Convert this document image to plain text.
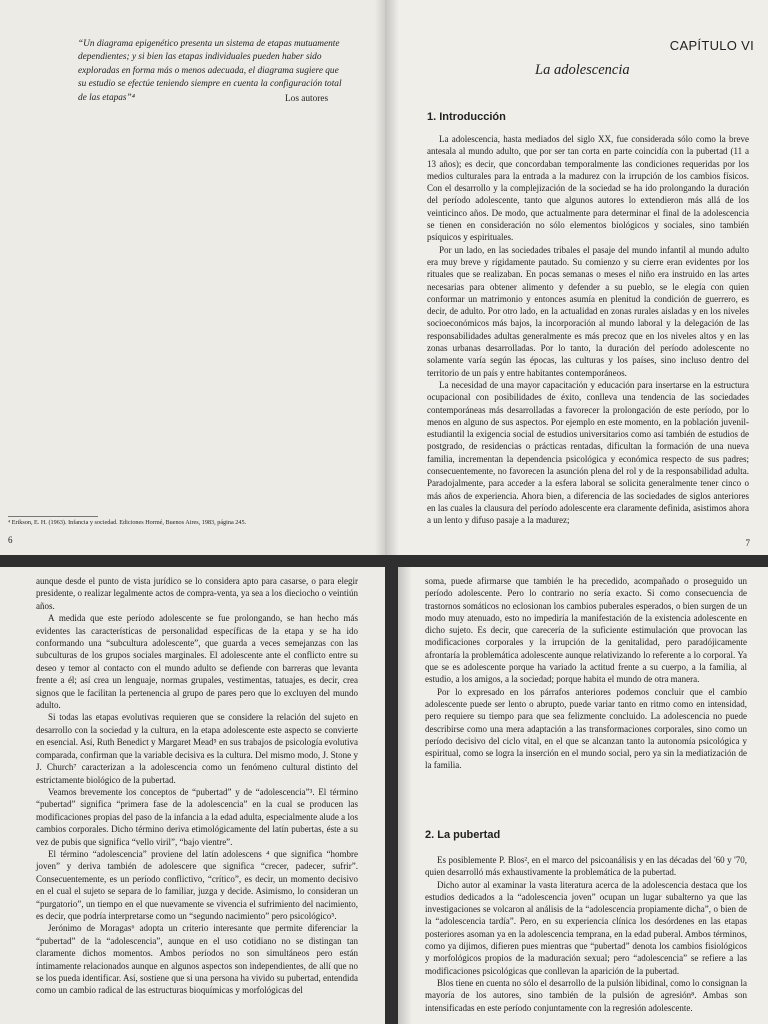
“Un diagrama epigenético presenta un sistema de etapas mutuamente dependientes; y si bien las etapas individuales pueden haber sido exploradas en forma más o menos adecuada, el diagrama sugiere que su estudio se efectúe teniendo siempre en cuenta la configuración total de las etapas”⁴	Los autores
⁴ Erikson, E. H. (1963). Infancia y sociedad. Ediciones Hormé, Buenos Aires, 1983, página 245.
6
CAPÍTULO VI
La adolescencia
1. Introducción

La adolescencia, hasta mediados del siglo XX, fue considerada sólo como la breve antesala al mundo adulto, que por ser tan corta en parte coincidía con la pubertad (11 a 13 años); es decir, que concordaban temporalmente las condiciones requeridas por los medios culturales para la entrada a la madurez con la irrupción de los cambios físicos. Con el desarrollo y la complejización de la sociedad se ha ido prolongando la duración del período adolescente, tanto que algunos autores lo extendieron más allá de los veinticinco años. De modo, que actualmente para determinar el final de la adolescencia se tienen en consideración no sólo elementos biológicos y sociales, sino también psíquicos y espirituales.

Por un lado, en las sociedades tribales el pasaje del mundo infantil al mundo adulto era muy breve y rígidamente pautado. Su comienzo y su cierre eran evidentes por los rituales que se realizaban. En pocas semanas o meses el niño era instruido en las artes necesarias para obtener alimento y defender a su pueblo, se le elegía con quien conformar un matrimonio y entonces asumía en plenitud la condición de guerrero, es decir, de adulto. Por otro lado, en la actualidad en zonas rurales aisladas y en los niveles socioeconómicos más bajos, la incorporación al mundo laboral y la delegación de las responsabilidades adultas generalmente es más precoz que en los niveles altos y en las zonas urbanas desarrolladas. Por lo tanto, la duración del período adolescente no solamente varía según las épocas, las culturas y los países, sino incluso dentro del territorio de un país y entre habitantes contemporáneos.

La necesidad de una mayor capacitación y educación para insertarse en la estructura ocupacional con posibilidades de éxito, conlleva una tendencia de las sociedades contemporáneas más desarrolladas a favorecer la prolongación de este período, por lo menos en alguno de sus aspectos. Por ejemplo en este momento, en la población juvenil-estudiantil la exigencia social de estudios universitarios como así también de estudios de postgrado, de residencias o prácticas rentadas, dificultan la formación de una nueva familia, incrementan la dependencia psicológica y económica respecto de sus padres; consecuentemente, no favorecen la asunción plena del rol y de la responsabilidad adulta. Paradojalmente, para acceder a la esfera laboral se solicita generalmente tener cinco o más años de experiencia. Ahora bien, a diferencia de las sociedades de siglos anteriores en las cuales la clausura del período adolescente era claramente definida, asistimos ahora a un lento y difuso pasaje a la madurez;

7

aunque desde el punto de vista jurídico se lo considera apto para casarse, o para elegir presidente, o realizar legalmente actos de compra-venta, ya sea a los dieciocho o veintiún años.

A medida que este período adolescente se fue prolongando, se han hecho más evidentes las características de personalidad específicas de la etapa y se ha ido conformando una “subcultura adolescente”, que guarda a veces semejanzas con las subculturas de los grupos sociales marginales. El adolescente ante el conflicto entre su deseo y temor al contacto con el mundo adulto se defiende con barreras que levanta frente a él; así crea un lenguaje, normas grupales, vestimentas, tatuajes, es decir, crea signos que le facilitan la pertenencia al grupo de pares pero que lo excluyen del mundo adulto.

Si todas las etapas evolutivas requieren que se considere la relación del sujeto en desarrollo con la sociedad y la cultura, en la etapa adolescente este aspecto se convierte en esencial. Así, Ruth Benedict y Margaret Mead⁵ en sus trabajos de psicología evolutiva comparada, confirman que la variable decisiva es la cultura. Del mismo modo, J. Stone y J. Church⁷ caracterizan a la adolescencia como un fenómeno cultural distinto del estrictamente biológico de la pubertad.

Veamos brevemente los conceptos de “pubertad” y de “adolescencia”³. El término “pubertad” significa “primera fase de la adolescencia” en la cual se producen las modificaciones propias del paso de la infancia a la edad adulta, especialmente alude a los cambios corporales. Dicho término deriva etimológicamente del latín pubertas, éste a su vez de pubis que significa “vello viril”, “bajo vientre”.

El término “adolescencia” proviene del latín adolescens ⁴ que significa “hombre joven” y deriva también de adolescere que significa “crecer, padecer, sufrir”. Consecuentemente, es un período conflictivo, “crítico”, es decir, un momento decisivo en el cual el sujeto se separa de lo familiar, juzga y decide. Asimismo, lo consideran un “purgatorio”, un tiempo en el que nuevamente se vivencia el sufrimiento del nacimiento, es decir, que podría interpretarse como un “segundo nacimiento” pero psicológico⁵.

Jerónimo de Moragas⁶ adopta un criterio interesante que permite diferenciar la “pubertad” de la “adolescencia”, aunque en el uso cotidiano no se distingan tan claramente dichos momentos. Ambos períodos no son simultáneos pero están íntimamente relacionados aunque en algunos aspectos son independientes, de allí que no se los pueda identificar. Así, sostiene que si una persona ha vivido su pubertad, entendida como un cambio radical de las estructuras bioquímicas y morfológicas del

soma, puede afirmarse que también le ha precedido, acompañado o proseguido un período adolescente. Pero lo contrario no sería exacto. Si como consecuencia de trastornos somáticos no eclosionan los cambios puberales esperados, o bien surgen de un modo muy atenuado, esto no impediría la manifestación de la existencia adolescente en dicho sujeto. Es decir, que carecería de la suficiente estimulación que provocan las modificaciones corporales y la irrupción de la genitalidad, pero paradójicamente afrontaría la problemática adolescente aunque relativizando lo referente a lo corporal. Ya que se es adolescente porque ha variado la actitud frente a su cuerpo, a la familia, al estudio, a los amigos, a la sociedad; porque habita el mundo de otra manera.

Por lo expresado en los párrafos anteriores podemos concluir que el cambio adolescente puede ser lento o abrupto, puede variar tanto en ritmo como en intensidad, pero requiere su tiempo para que sea felizmente concluido. La adolescencia no puede describirse como una mera adaptación a las transformaciones corporales, sino como un período decisivo del ciclo vital, en el que se alcanzan tanto la autonomía psicológica y espiritual, como se logra la inserción en el mundo social, pero ya sin la mediatización de la familia.

2. La pubertad

Es posiblemente P. Blos², en el marco del psicoanálisis y en las décadas del '60 y '70, quien desarrolló más exhaustivamente la problemática de la pubertad.

Dicho autor al examinar la vasta literatura acerca de la adolescencia destaca que los estudios dedicados a la “adolescencia joven” ocupan un lugar subalterno ya que las investigaciones se volcaron al análisis de la “adolescencia propiamente dicha”, o bien de la “adolescencia tardía”. Pero, en su experiencia clínica los desórdenes en las etapas posteriores asoman ya en la adolescencia temprana, en la edad puberal. Ambos términos, como ya dijimos, difieren pues mientras que “pubertad” denota los cambios fisiológicos y morfológicos propios de la maduración sexual; pero “adolescencia” se refiere a las modificaciones psicológicas que conllevan la aparición de la pubertad.

Blos tiene en cuenta no sólo el desarrollo de la pulsión libidinal, como lo consignan la mayoría de los autores, sino también de la pulsión de agresión⁸. Ambas son intensificadas en este período conjuntamente con la regresión adolescente.
